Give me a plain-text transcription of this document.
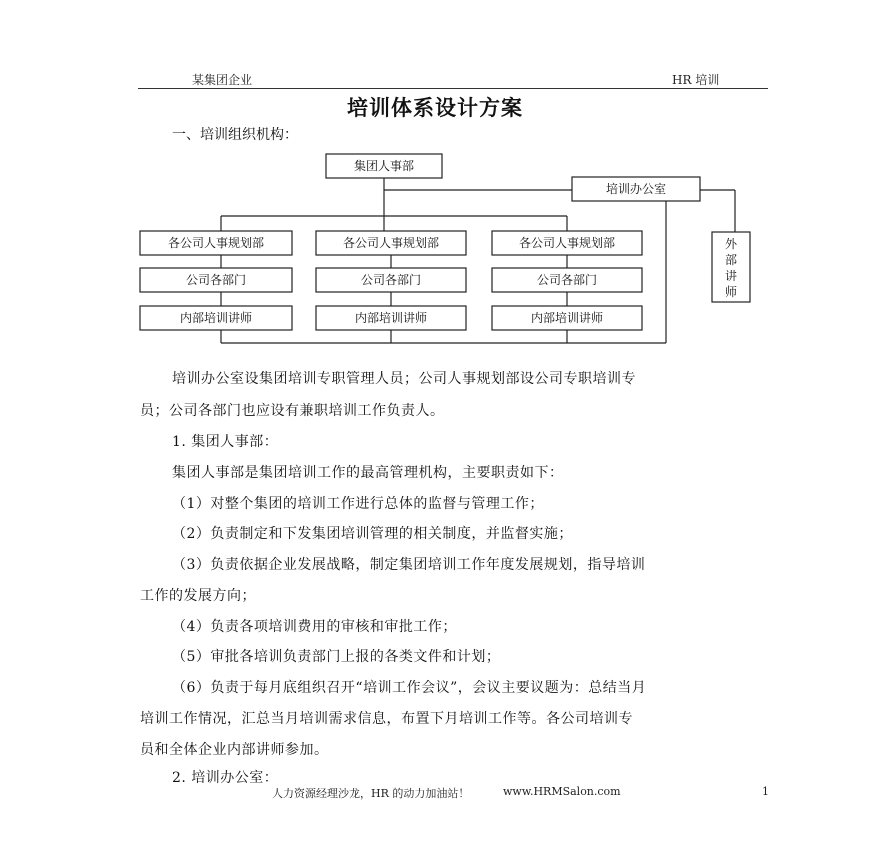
某集团企业	HR 培训
培训体系设计方案
一、培训组织机构：
集团人事部
培训办公室
外
部
讲
师
各公司人事规划部	各公司人事规划部	各公司人事规划部
公司各部门	公司各部门	公司各部门
内部培训讲师	内部培训讲师	内部培训讲师
培训办公室设集团培训专职管理人员；公司人事规划部设公司专职培训专
员；公司各部门也应设有兼职培训工作负责人。
1. 集团人事部：
集团人事部是集团培训工作的最高管理机构，主要职责如下：
（1）对整个集团的培训工作进行总体的监督与管理工作；
（2）负责制定和下发集团培训管理的相关制度，并监督实施；
（3）负责依据企业发展战略，制定集团培训工作年度发展规划，指导培训
工作的发展方向；
（4）负责各项培训费用的审核和审批工作；
（5）审批各培训负责部门上报的各类文件和计划；
（6）负责于每月底组织召开“培训工作会议”，会议主要议题为：总结当月
培训工作情况，汇总当月培训需求信息，布置下月培训工作等。各公司培训专
员和全体企业内部讲师参加。
2. 培训办公室：
人力资源经理沙龙，HR 的动力加油站！	www.HRMSalon.com	1
